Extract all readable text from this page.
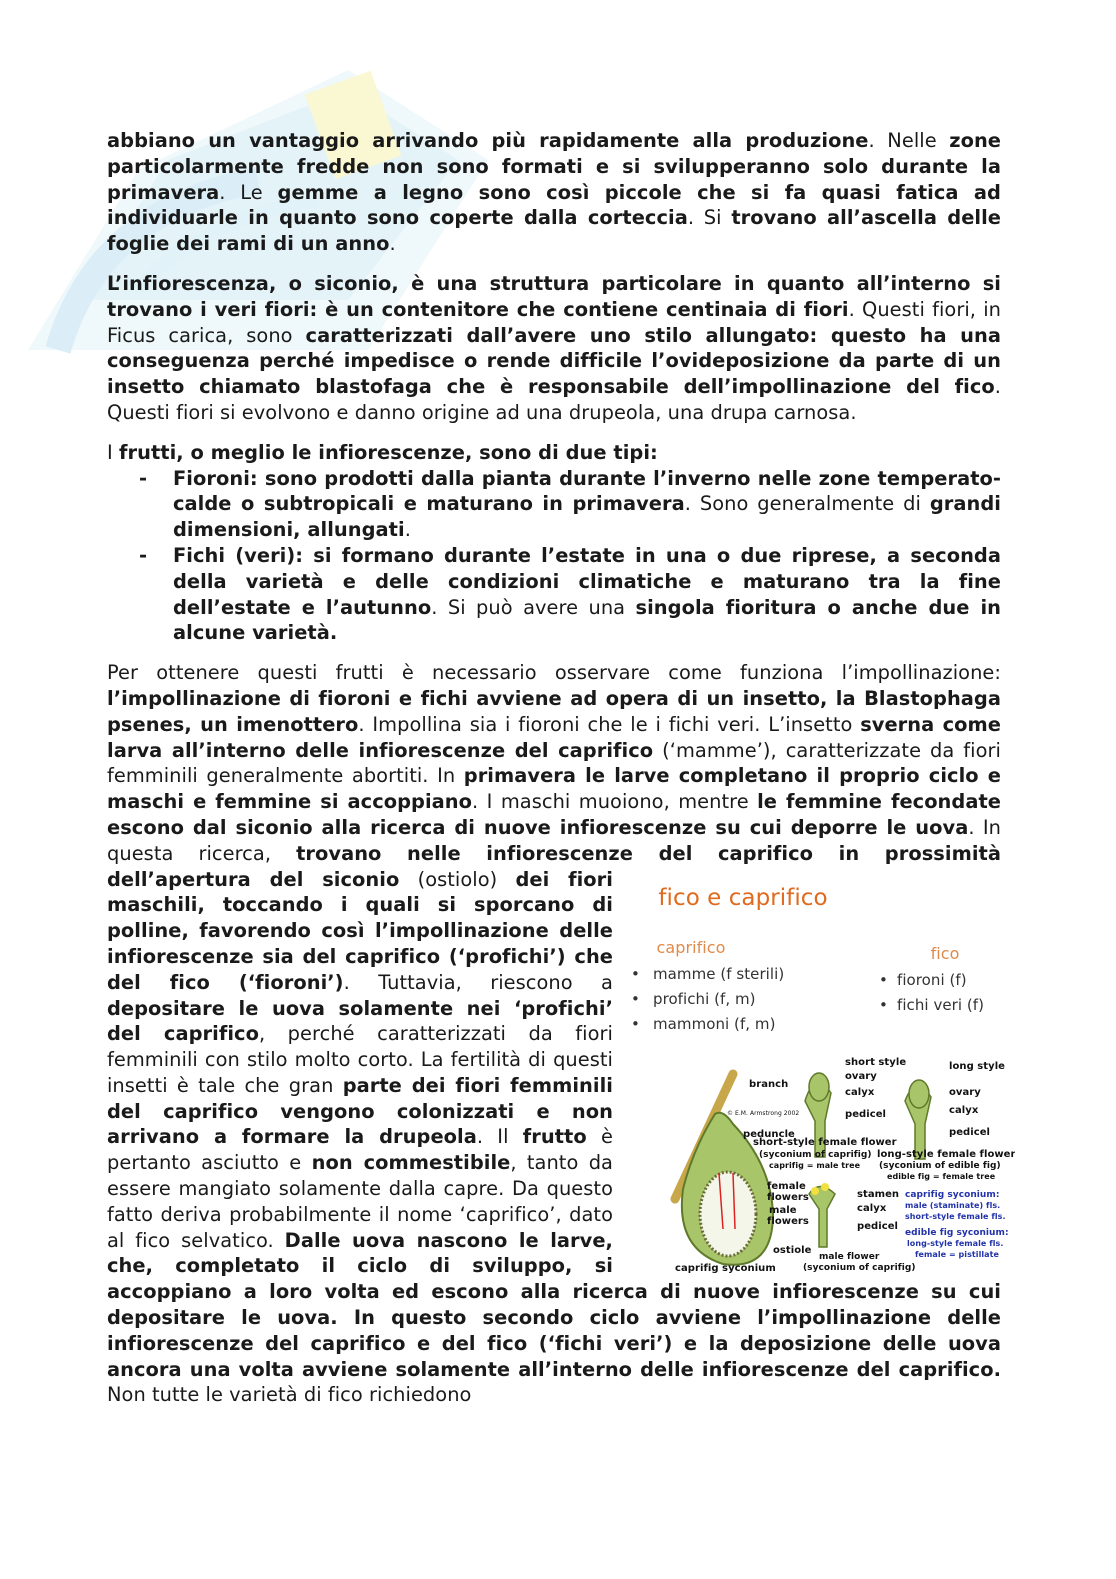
abbiano un vantaggio arrivando più rapidamente alla produzione. Nelle zone particolarmente fredde non sono formati e si svilupperanno solo durante la primavera. Le gemme a legno sono così piccole che si fa quasi fatica ad individuarle in quanto sono coperte dalla corteccia. Si trovano all’ascella delle foglie dei rami di un anno.

L’infiorescenza, o siconio, è una struttura particolare in quanto all’interno si trovano i veri fiori: è un contenitore che contiene centinaia di fiori. Questi fiori, in Ficus carica, sono caratterizzati dall’avere uno stilo allungato: questo ha una conseguenza perché impedisce o rende difficile l’ovideposizione da parte di un insetto chiamato blastofaga che è responsabile dell’impollinazione del fico. Questi fiori si evolvono e danno origine ad una drupeola, una drupa carnosa.

I frutti, o meglio le infiorescenze, sono di due tipi:

- Fioroni: sono prodotti dalla pianta durante l’inverno nelle zone temperato-calde o subtropicali e maturano in primavera. Sono generalmente di grandi dimensioni, allungati.
- Fichi (veri): si formano durante l’estate in una o due riprese, a seconda della varietà e delle condizioni climatiche e maturano tra la fine dell’estate e l’autunno. Si può avere una singola fioritura o anche due in alcune varietà.

Per ottenere questi frutti è necessario osservare come funziona l’impollinazione: l’impollinazione di fioroni e fichi avviene ad opera di un insetto, la Blastophaga psenes, un imenottero. Impollina sia i fioroni che le i fichi veri. L’insetto sverna come larva all’interno delle infiorescenze del caprifico (‘mamme’), caratterizzate da fiori femminili generalmente abortiti. In primavera le larve completano il proprio ciclo e maschi e femmine si accoppiano. I maschi muoiono, mentre le femmine fecondate escono dal siconio alla ricerca di nuove infiorescenze su cui deporre le uova. In questa ricerca, trovano nelle infiorescenze del caprifico in prossimità dell’apertura del siconio
fico e caprifico
caprifico	fico
• mamme (f sterili)
• profichi (f, m)
• mammoni (f, m)
• fioroni (f)
• fichi veri (f)
branch
© E.M. Armstrong 2002
peduncle
short style
ovary
calyx
pedicel
long style
ovary
calyx
pedicel
short-style female flower
(syconium of caprifig)
caprifig = male tree
long-style female flower
(syconium of edible fig)
edible fig = female tree
female
flowers
male
flowers
stamen
calyx
pedicel
caprifig syconium:
male (staminate) fls.
short-style female fls.
edible fig syconium:
long-style female fls.
female = pistillate
ostiole
male flower
(syconium of caprifig)
caprifig syconium
(ostiolo) dei fiori maschili, toccando i quali si sporcano di polline, favorendo così l’impollinazione delle infiorescenze sia del caprifico (‘profichi’) che del fico (‘fioroni’). Tuttavia, riescono a depositare le uova solamente nei ‘profichi’ del caprifico, perché caratterizzati da fiori femminili con stilo molto corto. La fertilità di questi insetti è tale che gran parte dei fiori femminili del caprifico vengono colonizzati e non arrivano a formare la drupeola. Il frutto è pertanto asciutto e non commestibile, tanto da essere mangiato solamente dalla capre. Da questo fatto deriva probabilmente il nome ‘caprifico’, dato al fico selvatico. Dalle uova nascono le larve, che, completato il ciclo di sviluppo, si accoppiano a loro volta ed escono alla ricerca di nuove infiorescenze su cui depositare le uova. In questo secondo ciclo avviene l’impollinazione delle infiorescenze del caprifico e del fico (‘fichi veri’) e la deposizione delle uova ancora una volta avviene solamente all’interno delle infiorescenze del caprifico. Non tutte le varietà di fico richiedono
